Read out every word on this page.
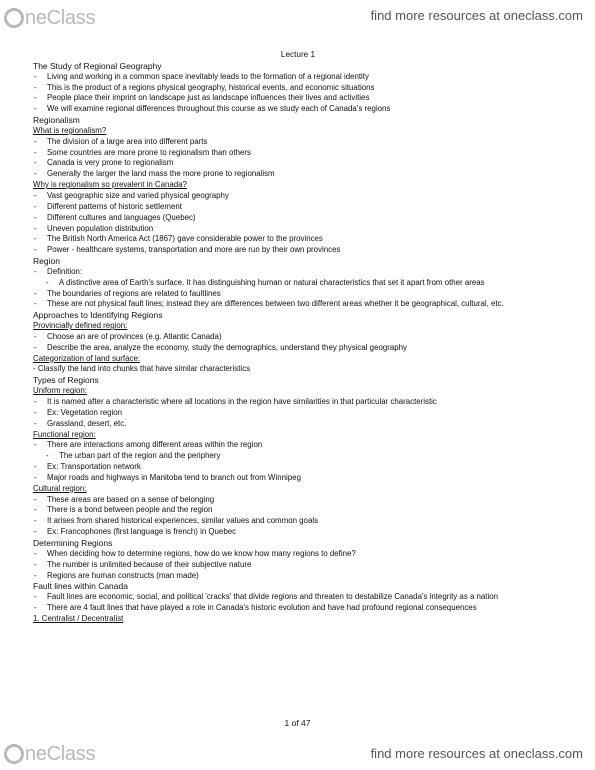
neClass	find more resources at oneclass.com
Lecture 1
The Study of Regional Geography
‐ Living and working in a common space inevitably leads to the formation of a regional identity
‐ This is the product of a regions physical geography, historical events, and economic situations
‐ People place their imprint on landscape just as landscape influences their lives and activities
‐ We will examine regional differences throughout this course as we study each of Canada's regions
Regionalism
What is regionalism?
‐ The division of a large area into different parts
‐ Some countries are more prone to regionalism than others
‐ Canada is very prone to regionalism
‐ Generally the larger the land mass the more prone to regionalism
Why is regionalism so prevalent in Canada?
‐ Vast geographic size and varied physical geography
‐ Different patterns of historic settlement
‐ Different cultures and languages (Quebec)
‐ Uneven population distribution
‐ The British North America Act (1867) gave considerable power to the provinces
‐ Power - healthcare systems, transportation and more are run by their own provinces
Region
‐ Definition:
‐ A distinctive area of Earth's surface. It has distinguishing human or natural characteristics that set it apart from other areas
‐ The boundaries of regions are related to faultlines
‐ These are not physical fault lines; instead they are differences between two different areas whether it be geographical, cultural, etc.
Approaches to Identifying Regions
Provincially defined region:
‐ Choose an are of provinces (e.g. Atlantic Canada)
‐ Describe the area, analyze the economy, study the demographics, understand they physical geography
Categorization of land surface:
- Classify the land into chunks that have similar characteristics
Types of Regions
Uniform region:
‐ It is named after a characteristic where all locations in the region have similarities in that particular characteristic
‐ Ex: Vegetation region
‐ Grassland, desert, etc.
Functional region:
‐ There are interactions among different areas within the region
‐ The urban part of the region and the periphery
‐ Ex: Transportation network
‐ Major roads and highways in Manitoba tend to branch out from Winnipeg
Cultural region:
‐ These areas are based on a sense of belonging
‐ There is a bond between people and the region
‐ It arises from shared historical experiences, similar values and common goals
‐ Ex: Francophones (first language is french) in Quebec
Determining Regions
‐ When deciding how to determine regions, how do we know how many regions to define?
‐ The number is unlimited because of their subjective nature
‐ Regions are human constructs (man made)
Fault lines within Canada
‐ Fault lines are economic, social, and political 'cracks' that divide regions and threaten to destabilize Canada's integrity as a nation
‐ There are 4 fault lines that have played a role in Canada's historic evolution and have had profound regional consequences
1. Centralist / Decentralist
1 of 47
neClass	find more resources at oneclass.com
